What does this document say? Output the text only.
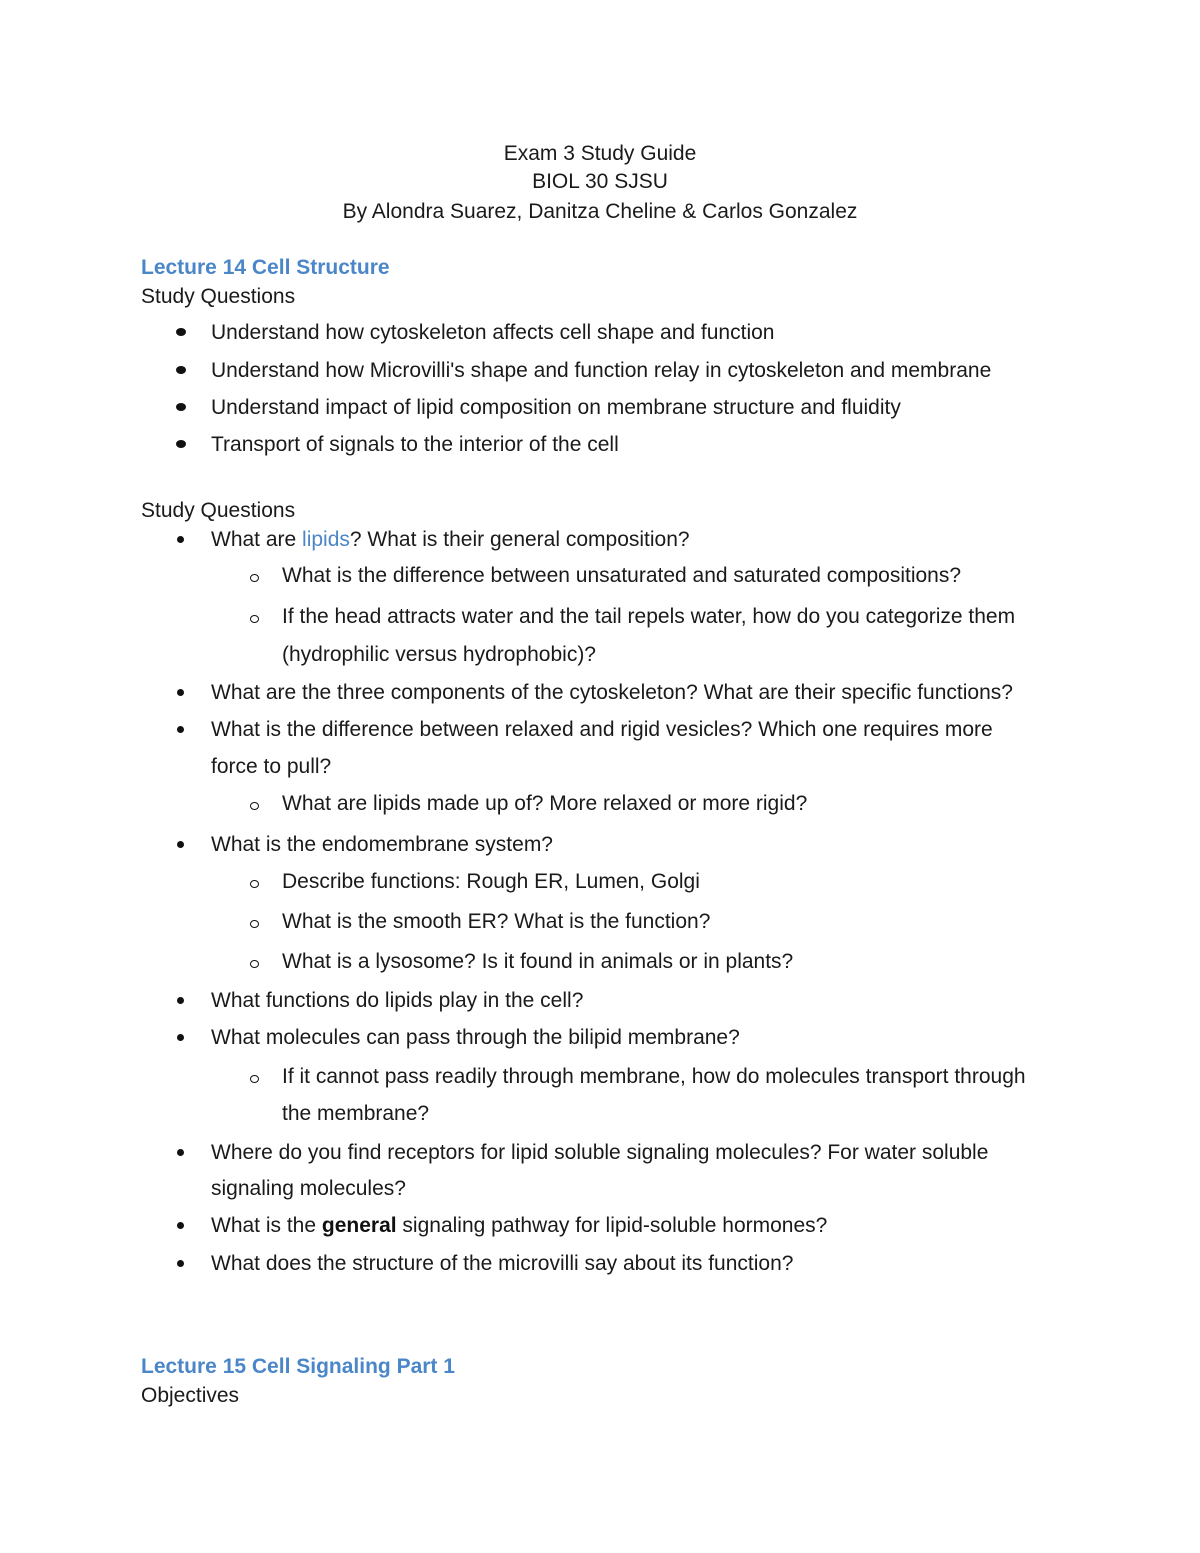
Exam 3 Study Guide
BIOL 30 SJSU
By Alondra Suarez, Danitza Cheline & Carlos Gonzalez
Lecture 14 Cell Structure
Study Questions
Understand how cytoskeleton affects cell shape and function
Understand how Microvilli's shape and function relay in cytoskeleton and membrane
Understand impact of lipid composition on membrane structure and fluidity
Transport of signals to the interior of the cell
Study Questions
What are lipids? What is their general composition?
What is the difference between unsaturated and saturated compositions?
If the head attracts water and the tail repels water, how do you categorize them
(hydrophilic versus hydrophobic)?
What are the three components of the cytoskeleton? What are their specific functions?
What is the difference between relaxed and rigid vesicles? Which one requires more
force to pull?
What are lipids made up of? More relaxed or more rigid?
What is the endomembrane system?
Describe functions: Rough ER, Lumen, Golgi
What is the smooth ER? What is the function?
What is a lysosome? Is it found in animals or in plants?
What functions do lipids play in the cell?
What molecules can pass through the bilipid membrane?
If it cannot pass readily through membrane, how do molecules transport through
the membrane?
Where do you find receptors for lipid soluble signaling molecules? For water soluble
signaling molecules?
What is the general signaling pathway for lipid-soluble hormones?
What does the structure of the microvilli say about its function?
Lecture 15 Cell Signaling Part 1
Objectives
